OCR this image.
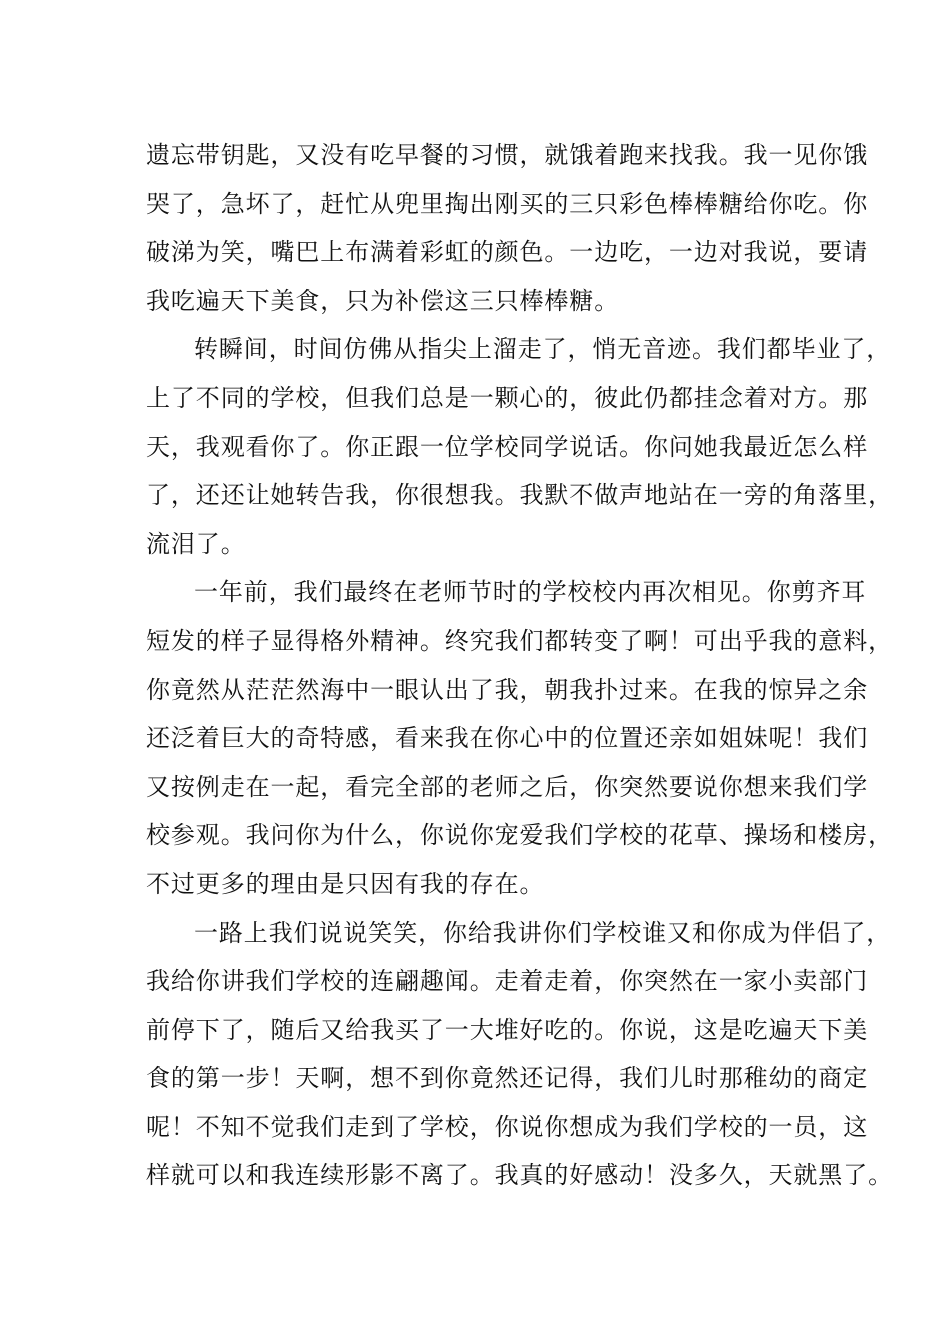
遗忘带钥匙，又没有吃早餐的习惯，就饿着跑来找我。我一见你饿
哭了，急坏了，赶忙从兜里掏出刚买的三只彩色棒棒糖给你吃。你
破涕为笑，嘴巴上布满着彩虹的颜色。一边吃，一边对我说，要请
我吃遍天下美食，只为补偿这三只棒棒糖。
转瞬间，时间仿佛从指尖上溜走了，悄无音迹。我们都毕业了，
上了不同的学校，但我们总是一颗心的，彼此仍都挂念着对方。那
天，我观看你了。你正跟一位学校同学说话。你问她我最近怎么样
了，还还让她转告我，你很想我。我默不做声地站在一旁的角落里，
流泪了。
一年前，我们最终在老师节时的学校校内再次相见。你剪齐耳
短发的样子显得格外精神。终究我们都转变了啊！可出乎我的意料，
你竟然从茫茫然海中一眼认出了我，朝我扑过来。在我的惊异之余
还泛着巨大的奇特感，看来我在你心中的位置还亲如姐妹呢！我们
又按例走在一起，看完全部的老师之后，你突然要说你想来我们学
校参观。我问你为什么，你说你宠爱我们学校的花草、操场和楼房，
不过更多的理由是只因有我的存在。
一路上我们说说笑笑，你给我讲你们学校谁又和你成为伴侣了，
我给你讲我们学校的连翩趣闻。走着走着，你突然在一家小卖部门
前停下了，随后又给我买了一大堆好吃的。你说，这是吃遍天下美
食的第一步！天啊，想不到你竟然还记得，我们儿时那稚幼的商定
呢！不知不觉我们走到了学校，你说你想成为我们学校的一员，这
样就可以和我连续形影不离了。我真的好感动！没多久，天就黑了。
